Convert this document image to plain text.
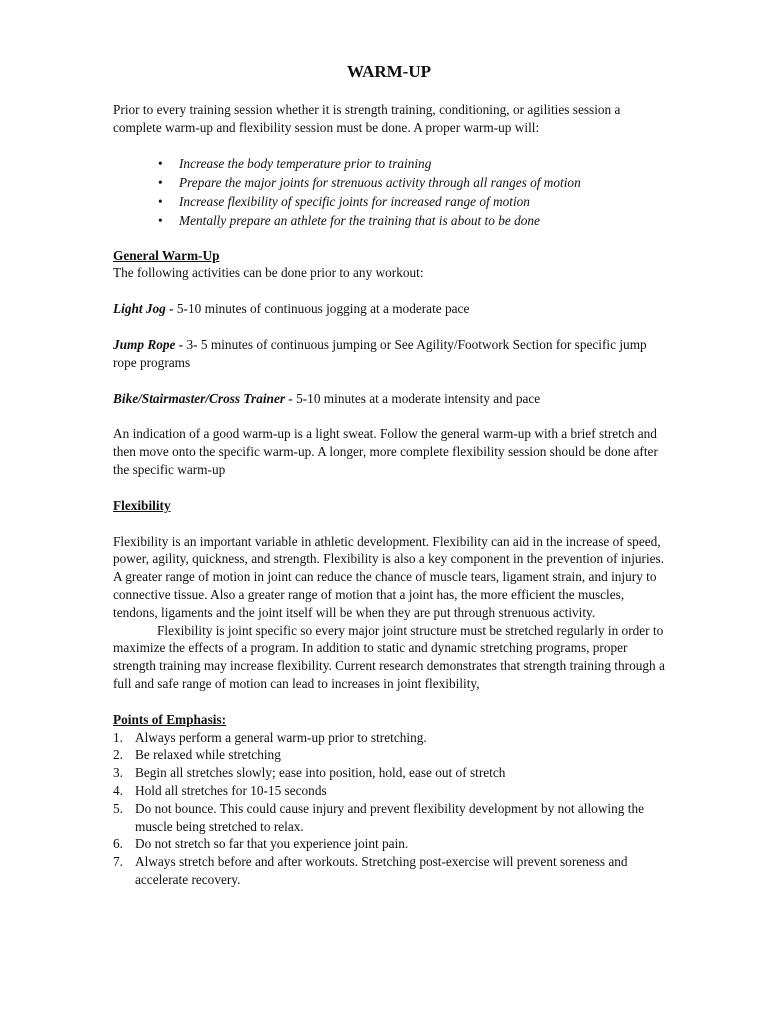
WARM-UP

Prior to every training session whether it is strength training, conditioning, or agilities session a complete warm-up and flexibility session must be done. A proper warm-up will:

• Increase the body temperature prior to training
• Prepare the major joints for strenuous activity through all ranges of motion
• Increase flexibility of specific joints for increased range of motion
• Mentally prepare an athlete for the training that is about to be done

General Warm-Up

The following activities can be done prior to any workout:

Light Jog - 5-10 minutes of continuous jogging at a moderate pace

Jump Rope - 3- 5 minutes of continuous jumping or See Agility/Footwork Section for specific jump rope programs

Bike/Stairmaster/Cross Trainer - 5-10 minutes at a moderate intensity and pace

An indication of a good warm-up is a light sweat. Follow the general warm-up with a brief stretch and then move onto the specific warm-up. A longer, more complete flexibility session should be done after the specific warm-up

Flexibility

Flexibility is an important variable in athletic development. Flexibility can aid in the increase of speed, power, agility, quickness, and strength. Flexibility is also a key component in the prevention of injuries. A greater range of motion in joint can reduce the chance of muscle tears, ligament strain, and injury to connective tissue. Also a greater range of motion that a joint has, the more efficient the muscles, tendons, ligaments and the joint itself will be when they are put through strenuous activity.

Flexibility is joint specific so every major joint structure must be stretched regularly in order to maximize the effects of a program. In addition to static and dynamic stretching programs, proper strength training may increase flexibility. Current research demonstrates that strength training through a full and safe range of motion can lead to increases in joint flexibility,

Points of Emphasis:

1. Always perform a general warm-up prior to stretching.
2. Be relaxed while stretching
3. Begin all stretches slowly; ease into position, hold, ease out of stretch
4. Hold all stretches for 10-15 seconds
5. Do not bounce. This could cause injury and prevent flexibility development by not allowing the muscle being stretched to relax.
6. Do not stretch so far that you experience joint pain.
7. Always stretch before and after workouts. Stretching post-exercise will prevent soreness and accelerate recovery.
